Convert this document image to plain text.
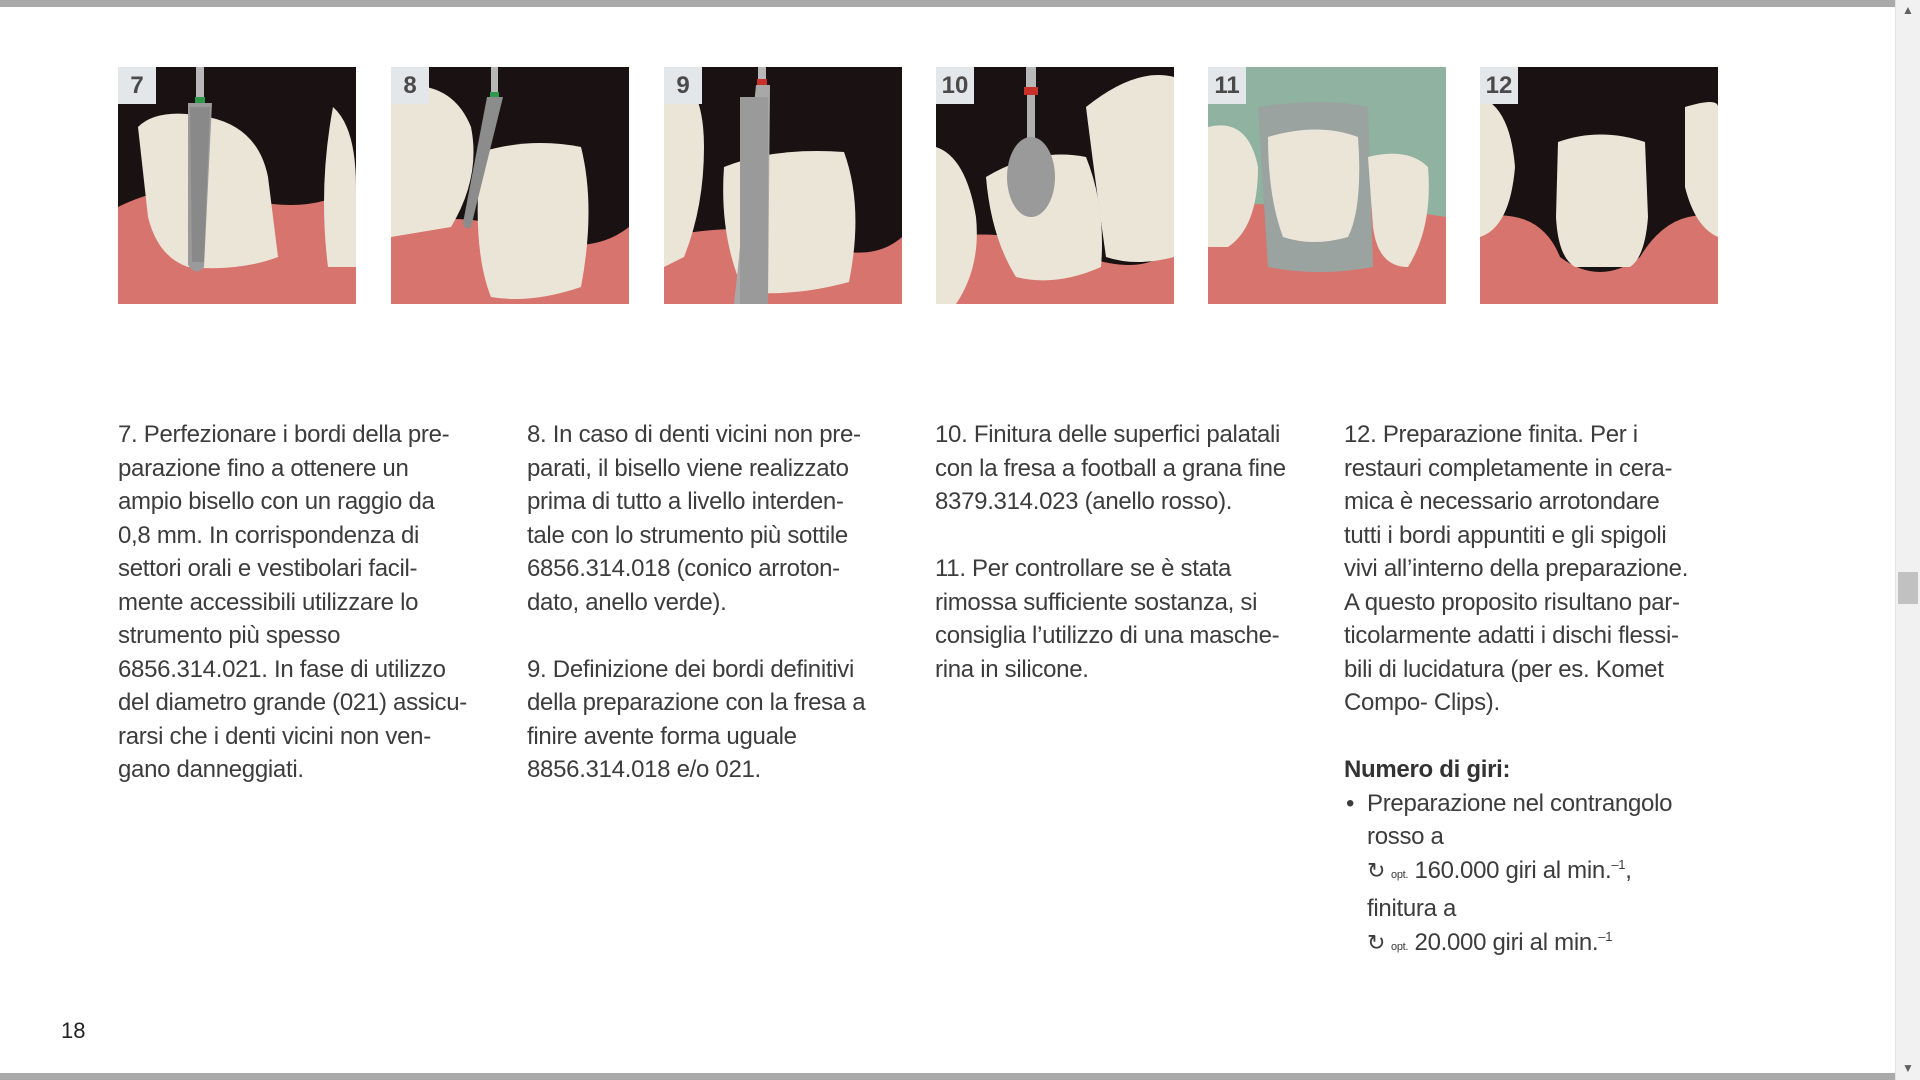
7	8	9	10	11	12

7. Perfezionare i bordi della pre-
parazione fino a ottenere un
ampio bisello con un raggio da
0,8 mm. In corrispondenza di
settori orali e vestibolari facil-
mente accessibili utilizzare lo
strumento più spesso
6856.314.021. In fase di utilizzo
del diametro grande (021) assicu-
rarsi che i denti vicini non ven-
gano danneggiati.

8. In caso di denti vicini non pre-
parati, il bisello viene realizzato
prima di tutto a livello interden-
tale con lo strumento più sottile
6856.314.018 (conico arroton-
dato, anello verde).

9. Definizione dei bordi definitivi
della preparazione con la fresa a
finire avente forma uguale
8856.314.018 e/o 021.

10. Finitura delle superfici palatali
con la fresa a football a grana fine
8379.314.023 (anello rosso).

11. Per controllare se è stata
rimossa sufficiente sostanza, si
consiglia l’utilizzo di una masche-
rina in silicone.

12. Preparazione finita. Per i
restauri completamente in cera-
mica è necessario arrotondare
tutti i bordi appuntiti e gli spigoli
vivi all’interno della preparazione.
A questo proposito risultano par-
ticolarmente adatti i dischi flessi-
bili di lucidatura (per es. Komet
Compo- Clips).

Numero di giri:
• Preparazione nel contrangolo
rosso a
↻ opt. 160.000 giri al min.$^{-1}$,
finitura a
↻ opt. 20.000 giri al min.$^{-1}$
18
▲
▼
